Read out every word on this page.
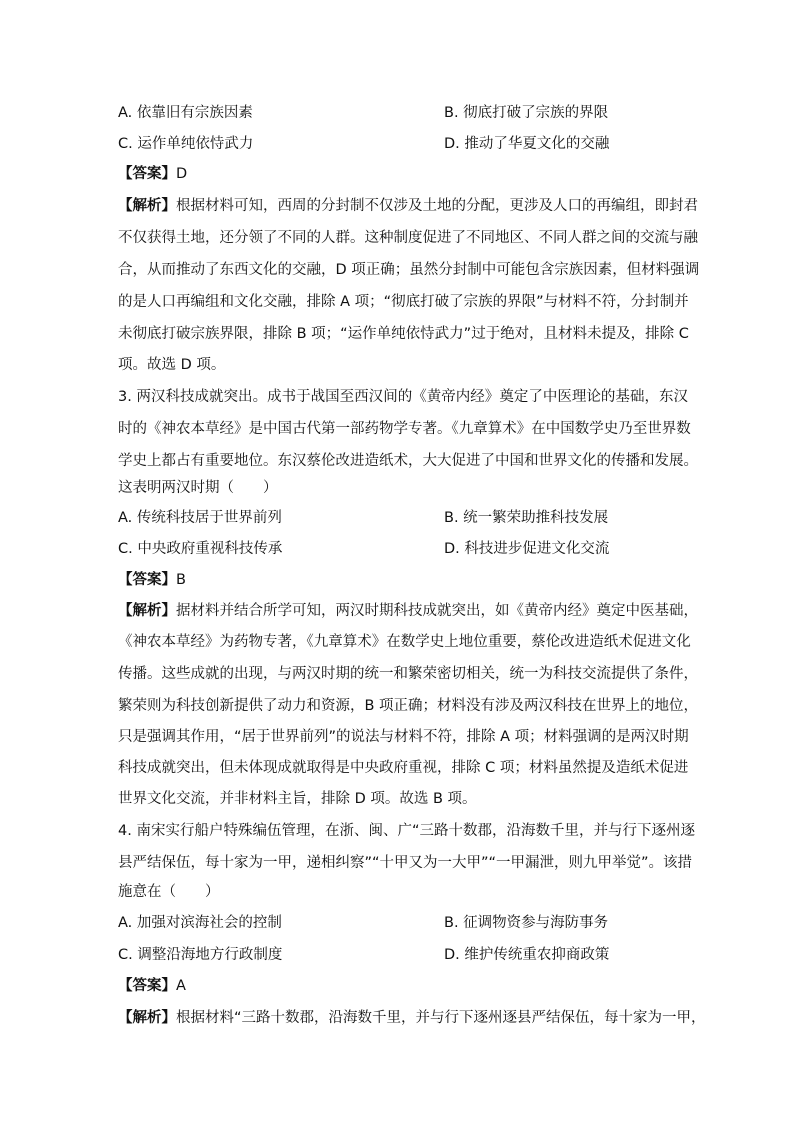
A. 依靠旧有宗族因素	B. 彻底打破了宗族的界限
C. 运作单纯依恃武力	D. 推动了华夏文化的交融
【答案】D
【解析】根据材料可知，西周的分封制不仅涉及土地的分配，更涉及人口的再编组，即封君
不仅获得土地，还分领了不同的人群。这种制度促进了不同地区、不同人群之间的交流与融
合，从而推动了东西文化的交融，D 项正确；虽然分封制中可能包含宗族因素，但材料强调
的是人口再编组和文化交融，排除 A 项；“彻底打破了宗族的界限”与材料不符，分封制并
未彻底打破宗族界限，排除 B 项；“运作单纯依恃武力”过于绝对，且材料未提及，排除 C
项。故选 D 项。
3. 两汉科技成就突出。成书于战国至西汉间的《黄帝内经》奠定了中医理论的基础，东汉
时的《神农本草经》是中国古代第一部药物学专著。《九章算术》在中国数学史乃至世界数
学史上都占有重要地位。东汉蔡伦改进造纸术，大大促进了中国和世界文化的传播和发展。
这表明两汉时期（　　）
A. 传统科技居于世界前列	B. 统一繁荣助推科技发展
C. 中央政府重视科技传承	D. 科技进步促进文化交流
【答案】B
【解析】据材料并结合所学可知，两汉时期科技成就突出，如《黄帝内经》奠定中医基础，
《神农本草经》为药物专著，《九章算术》在数学史上地位重要，蔡伦改进造纸术促进文化
传播。这些成就的出现，与两汉时期的统一和繁荣密切相关，统一为科技交流提供了条件，
繁荣则为科技创新提供了动力和资源，B 项正确；材料没有涉及两汉科技在世界上的地位，
只是强调其作用，“居于世界前列”的说法与材料不符，排除 A 项；材料强调的是两汉时期
科技成就突出，但未体现成就取得是中央政府重视，排除 C 项；材料虽然提及造纸术促进
世界文化交流，并非材料主旨，排除 D 项。故选 B 项。
4. 南宋实行船户特殊编伍管理，在浙、闽、广“三路十数郡，沿海数千里，并与行下逐州逐
县严结保伍，每十家为一甲，递相纠察”“十甲又为一大甲”“一甲漏泄，则九甲举觉”。该措
施意在（　　）
A. 加强对滨海社会的控制	B. 征调物资参与海防事务
C. 调整沿海地方行政制度	D. 维护传统重农抑商政策
【答案】A
【解析】根据材料“三路十数郡，沿海数千里，并与行下逐州逐县严结保伍，每十家为一甲，
